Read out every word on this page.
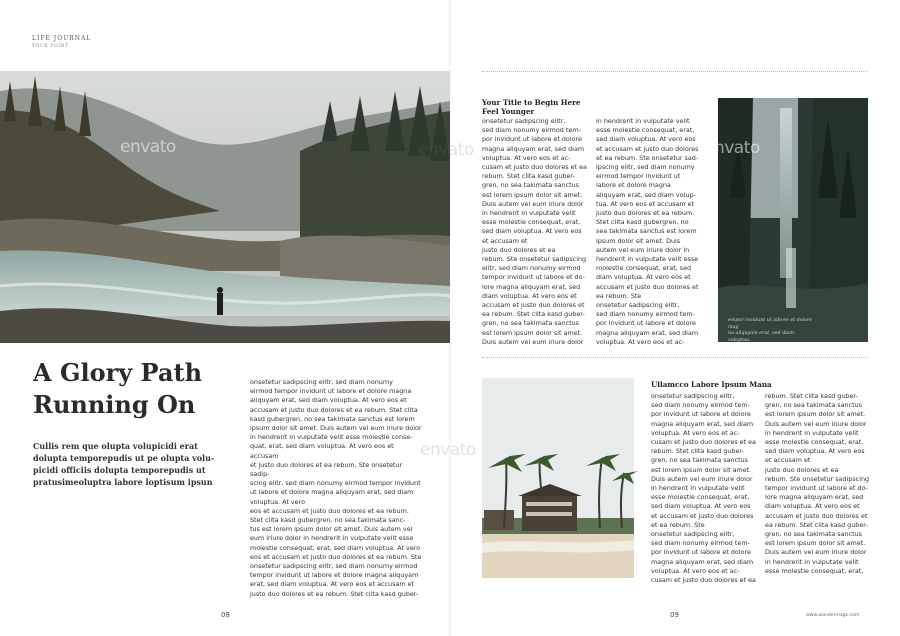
LIFE JOURNAL
YOUR POINT
envato
A Glory Path
Running On
Cullis rem que olupta volupicidi erat
dolupta temporepudis ut pe olupta volu-
picidi officiis dolupta temporepudis ut
pratusimeoluptra labore loptisum ipsun
onsetetur sadipscing elitr, sed diam nonumy
eirmod tempor invidunt ut labore et dolore magna
aliquyam erat, sed diam voluptua. At vero eos et
accusam et justo duo dolores et ea rebum. Stet clita
kasd gubergren, no sea takimata sanctus est lorem
ipsum dolor sit amet. Duis autem vel eum iriure dolor
in hendrerit in vulputate velit esse molestie conse-
quat, erat, sed diam voluptua. At vero eos et accusam
et justo duo dolores et ea rebum. Ste onsetetur sadip-
scing elitr, sed diam nonumy eirmod tempor invidunt
ut labore et dolore magna aliquyam erat, sed diam
voluptua. At vero
eos et accusam et justo duo dolores et ea rebum.
Stet clita kasd gubergren, no sea takimata sanc-
tus est lorem ipsum dolor sit amet. Duis autem vel
eum iriure dolor in hendrerit in vulputate velit esse
molestie consequat, erat, sed diam voluptua. At vero
eos et accusam et justo duo dolores et ea rebum. Ste
onsetetur sadipscing elitr, sed diam nonumy eirmod
tempor invidunt ut labore et dolore magna aliquyam
erat, sed diam voluptua. At vero eos et accusam et
justo duo dolores et ea rebum. Stet clita kasd guber-
envato
Your Title to Begin Here
Feel Younger
onsetetur sadipscing elitr,
sed diam nonumy eirmod tem-
por invidunt ut labore et dolore
magna aliquyam erat, sed diam
voluptua. At vero eos et ac-
cusam et justo duo dolores et ea
rebum. Stet clita kasd guber-
gren, no sea takimata sanctus
est lorem ipsum dolor sit amet.
Duis autem vel eum iriure dolor
in hendrerit in vulputate velit
esse molestie consequat, erat,
sed diam voluptua. At vero eos
et accusam et
justo duo dolores et ea
rebum. Ste onsetetur sadipscing
elitr, sed diam nonumy eirmod
tempor invidunt ut labore et do-
lore magna aliquyam erat, sed
diam voluptua. At vero eos et
accusam et justo duo dolores et
ea rebum. Stet clita kasd guber-
gren, no sea takimata sanctus
est lorem ipsum dolor sit amet.
Duis autem vel eum iriure dolor
in hendrerit in vulputate velit
esse molestie consequat, erat,
sed diam voluptua. At vero eos
et accusam et justo duo dolores
et ea rebum. Ste onsetetur sad-
ipscing elitr, sed diam nonumy
eirmod tempor invidunt ut
labore et dolore magna
aliquyam erat, sed diam volup-
tua. At vero eos et accusam et
justo duo dolores et ea rebum.
Stet clita kasd gubergren, no
sea takimata sanctus est lorem
ipsum dolor sit amet. Duis
autem vel eum iriure dolor in
hendrerit in vulputate velit esse
molestie consequat, erat, sed
diam voluptua. At vero eos et
accusam et justo duo dolores et
ea rebum. Ste
onsetetur sadipscing elitr,
sed diam nonumy eirmod tem-
por invidunt ut labore et dolore
magna aliquyam erat, sed diam
voluptua. At vero eos et ac-
envato	envato
empor invidunt ut labore et dolore mag
na aliquyam erat, sed diam voluptua.
Ullamcco Labore Ipsum Mana
onsetetur sadipscing elitr,
sed diam nonumy eirmod tem-
por invidunt ut labore et dolore
magna aliquyam erat, sed diam
voluptua. At vero eos et ac-
cusam et justo duo dolores et ea
rebum. Stet clita kasd guber-
gren, no sea takimata sanctus
est lorem ipsum dolor sit amet.
Duis autem vel eum iriure dolor
in hendrerit in vulputate velit
esse molestie consequat, erat,
sed diam voluptua. At vero eos
et accusam et justo duo dolores
et ea rebum. Ste
onsetetur sadipscing elitr,
sed diam nonumy eirmod tem-
por invidunt ut labore et dolore
magna aliquyam erat, sed diam
voluptua. At vero eos et ac-
cusam et justo duo dolores et ea
rebum. Stet clita kasd guber-
gren, no sea takimata sanctus
est lorem ipsum dolor sit amet.
Duis autem vel eum iriure dolor
in hendrerit in vulputate velit
esse molestie consequat, erat,
sed diam voluptua. At vero eos
et accusam et
justo duo dolores et ea
rebum. Ste onsetetur sadipscing
tempor invidunt ut labore et do-
lore magna aliquyam erat, sed
diam voluptua. At vero eos et
accusam et justo duo dolores et
ea rebum. Stet clita kasd guber-
gren, no sea takimata sanctus
est lorem ipsum dolor sit amet.
Duis autem vel eum iriure dolor
in hendrerit in vulputate velit
esse molestie consequat, erat,
08	09	www.wandermagz.com
